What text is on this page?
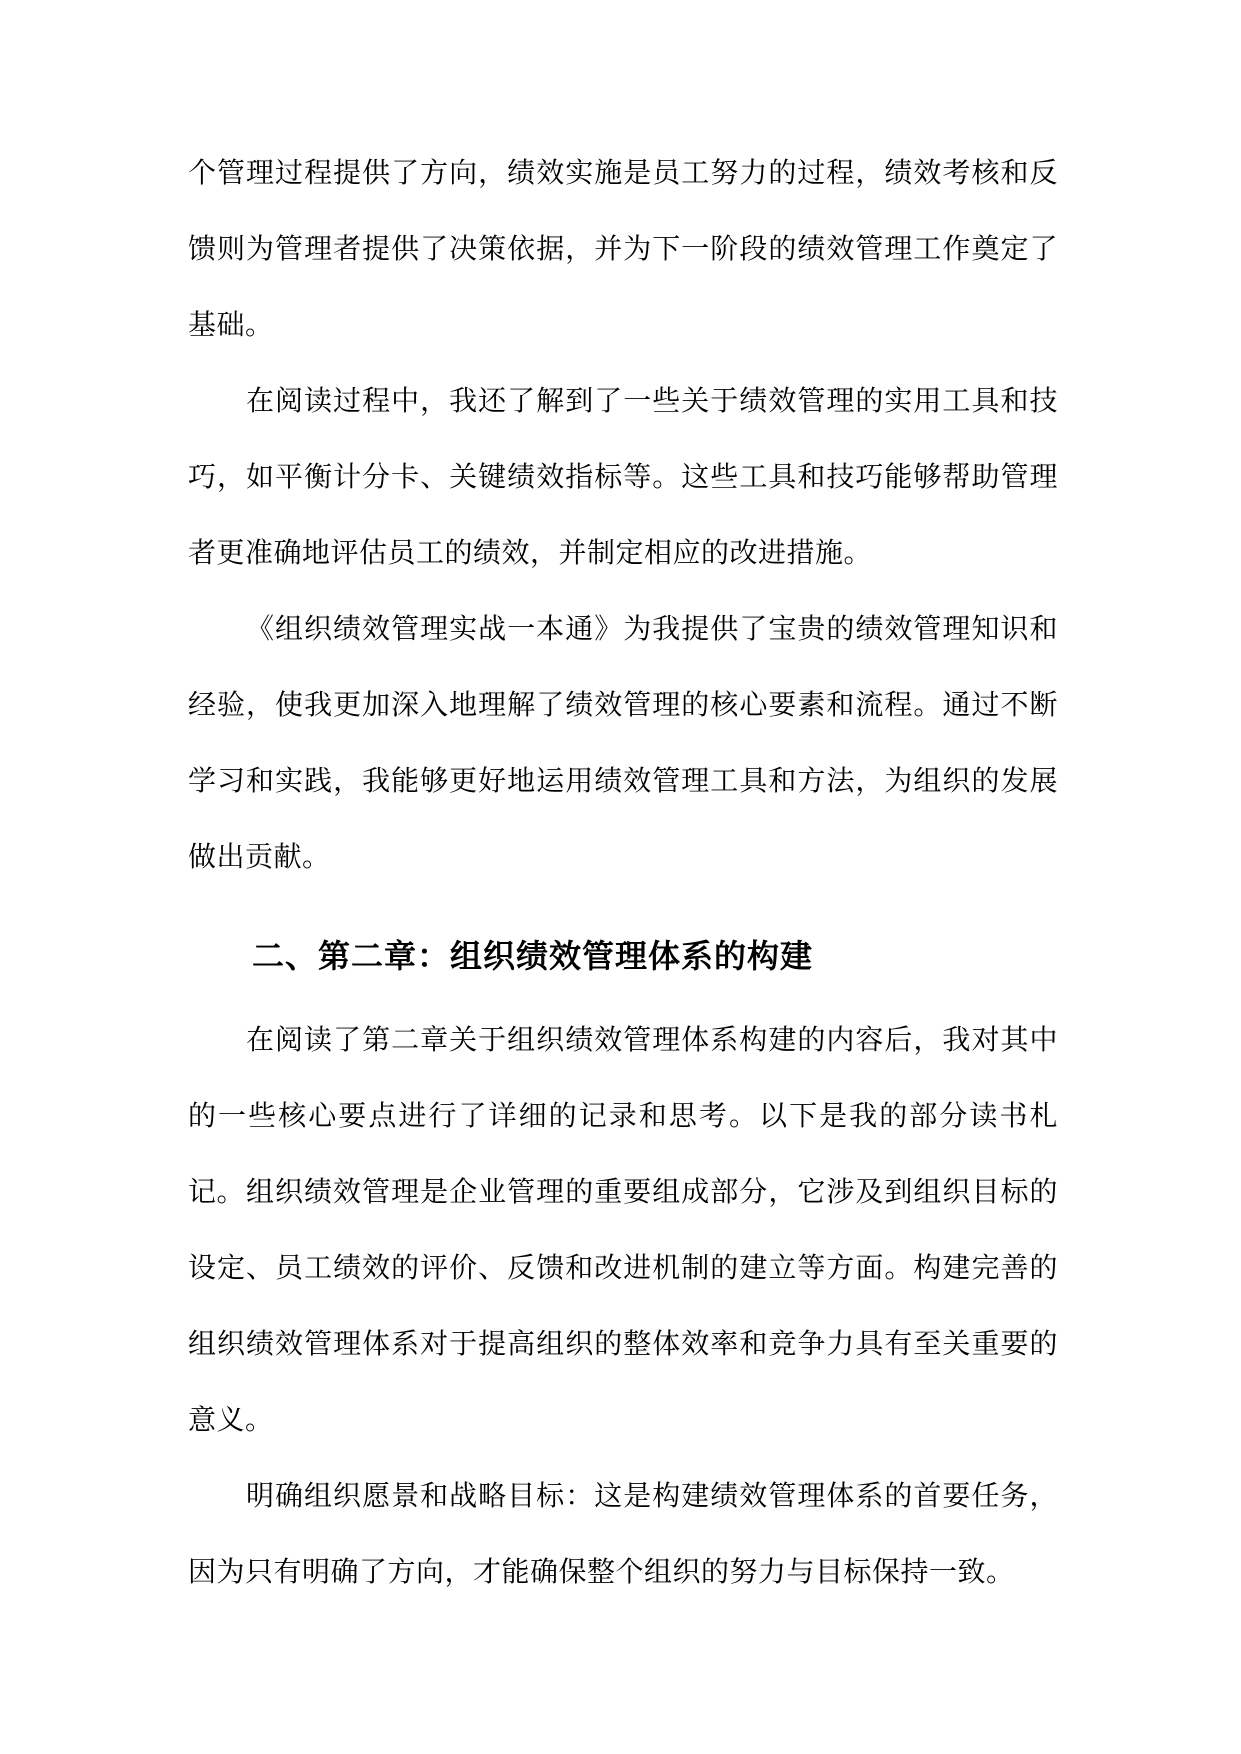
个管理过程提供了方向，绩效实施是员工努力的过程，绩效考核和反馈则为管理者提供了决策依据，并为下一阶段的绩效管理工作奠定了基础。

在阅读过程中，我还了解到了一些关于绩效管理的实用工具和技巧，如平衡计分卡、关键绩效指标等。这些工具和技巧能够帮助管理者更准确地评估员工的绩效，并制定相应的改进措施。

《组织绩效管理实战一本通》为我提供了宝贵的绩效管理知识和经验，使我更加深入地理解了绩效管理的核心要素和流程。通过不断学习和实践，我能够更好地运用绩效管理工具和方法，为组织的发展做出贡献。

二、第二章：组织绩效管理体系的构建

在阅读了第二章关于组织绩效管理体系构建的内容后，我对其中的一些核心要点进行了详细的记录和思考。以下是我的部分读书札记。 组织绩效管理是企业管理的重要组成部分，它涉及到组织目标的设定、员工绩效的评价、反馈和改进机制的建立等方面。构建完善的组织绩效管理体系对于提高组织的整体效率和竞争力具有至关重要的意义。

明确组织愿景和战略目标：这是构建绩效管理体系的首要任务，因为只有明确了方向，才能确保整个组织的努力与目标保持一致。
